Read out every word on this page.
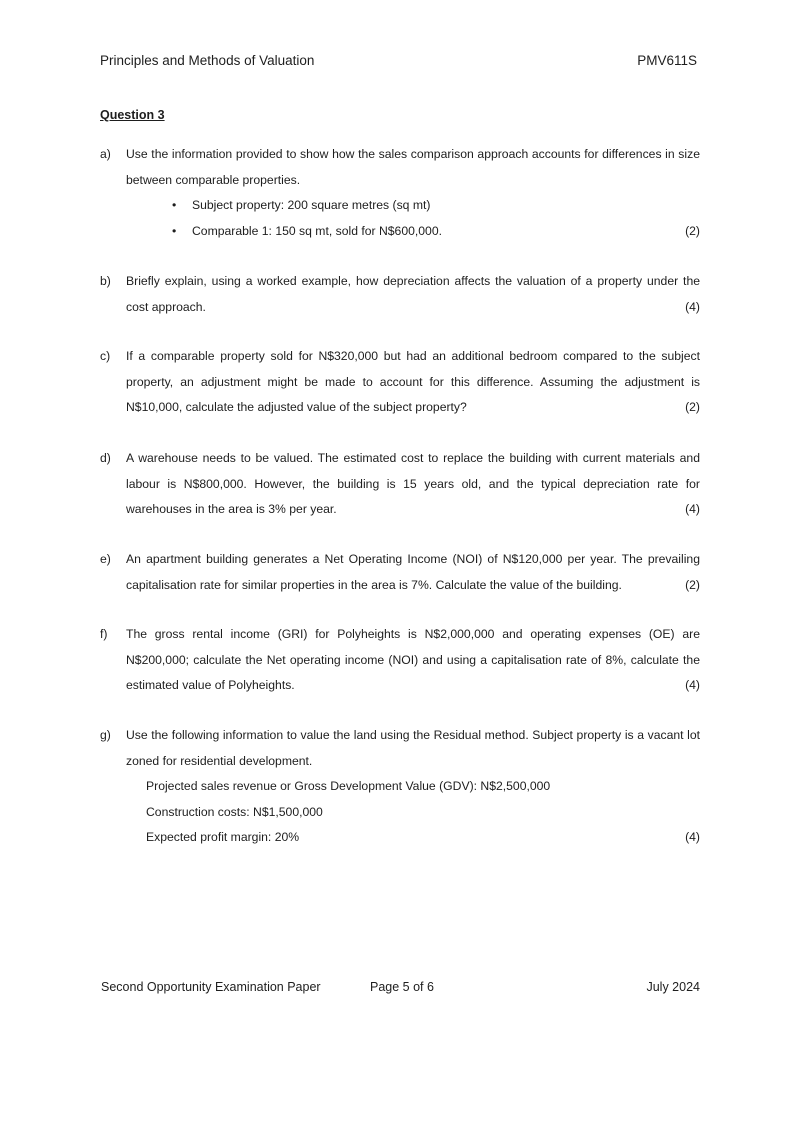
Principles and Methods of Valuation	PMV611S
Question 3
a) Use the information provided to show how the sales comparison approach accounts for differences in size between comparable properties.
• Subject property: 200 square metres (sq mt)
• Comparable 1: 150 sq mt, sold for N$600,000.	(2)
b) Briefly explain, using a worked example, how depreciation affects the valuation of a property under the cost approach.	(4)
c) If a comparable property sold for N$320,000 but had an additional bedroom compared to the subject property, an adjustment might be made to account for this difference. Assuming the adjustment is N$10,000, calculate the adjusted value of the subject property?	(2)
d) A warehouse needs to be valued. The estimated cost to replace the building with current materials and labour is N$800,000. However, the building is 15 years old, and the typical depreciation rate for warehouses in the area is 3% per year.	(4)
e) An apartment building generates a Net Operating Income (NOI) of N$120,000 per year. The prevailing capitalisation rate for similar properties in the area is 7%. Calculate the value of the building.	(2)
f) The gross rental income (GRI) for Polyheights is N$2,000,000 and operating expenses (OE) are N$200,000; calculate the Net operating income (NOI) and using a capitalisation rate of 8%, calculate the estimated value of Polyheights.	(4)
g) Use the following information to value the land using the Residual method. Subject property is a vacant lot zoned for residential development.
Projected sales revenue or Gross Development Value (GDV): N$2,500,000
Construction costs: N$1,500,000
Expected profit margin: 20%	(4)
Second Opportunity Examination Paper	Page 5 of 6	July 2024
